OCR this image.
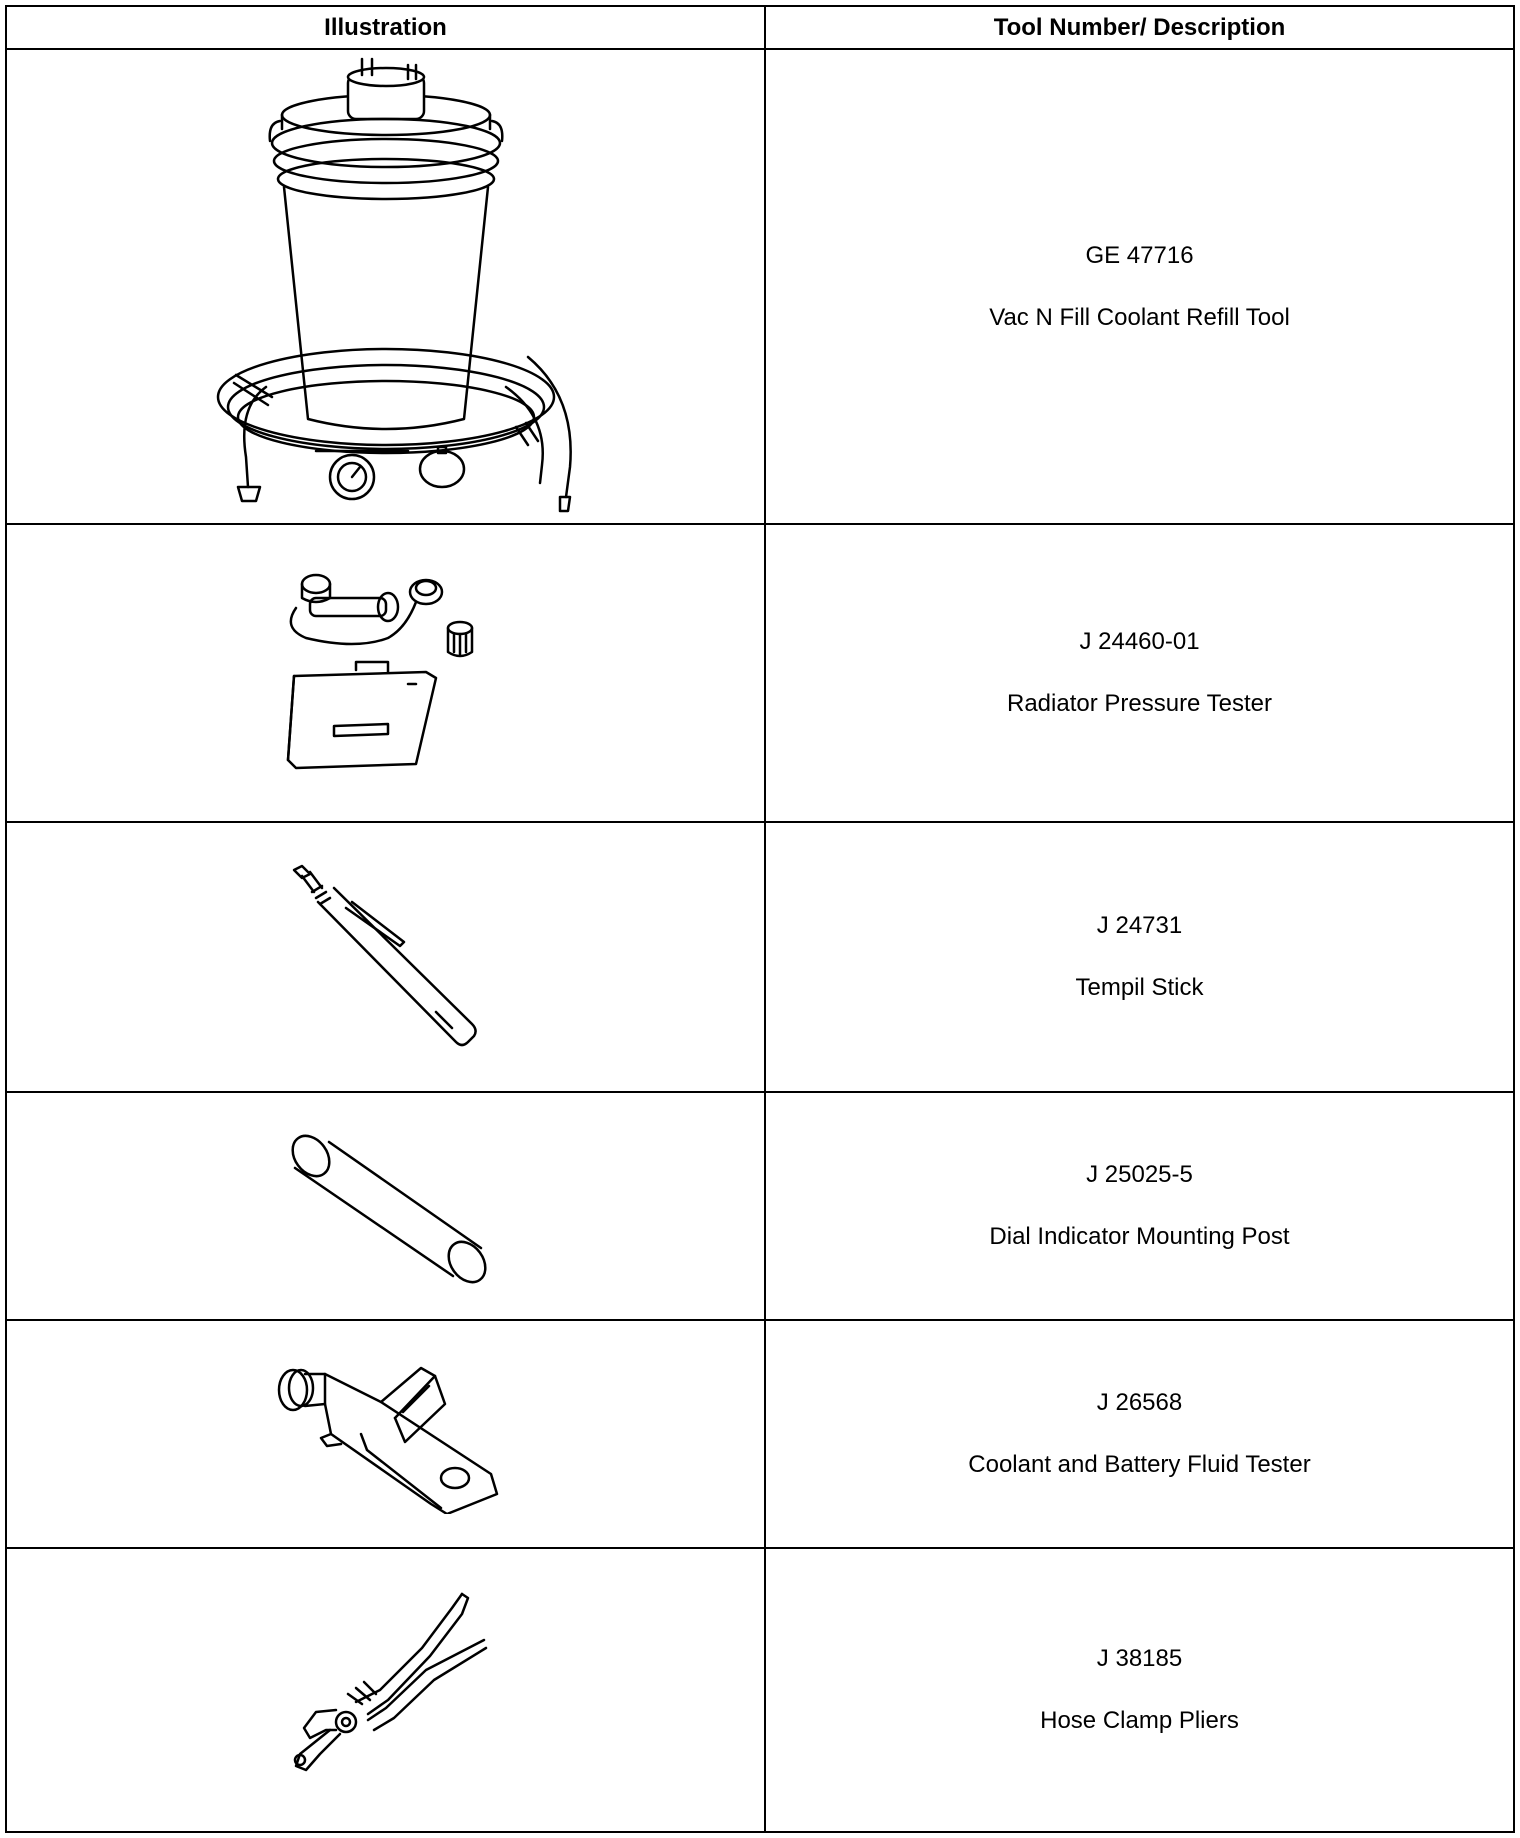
Illustration	Tool Number/ Description

GE 47716
Vac N Fill Coolant Refill Tool

J 24460-01
Radiator Pressure Tester

J 24731
Tempil Stick

J 25025-5
Dial Indicator Mounting Post

J 26568
Coolant and Battery Fluid Tester

J 38185
Hose Clamp Pliers
